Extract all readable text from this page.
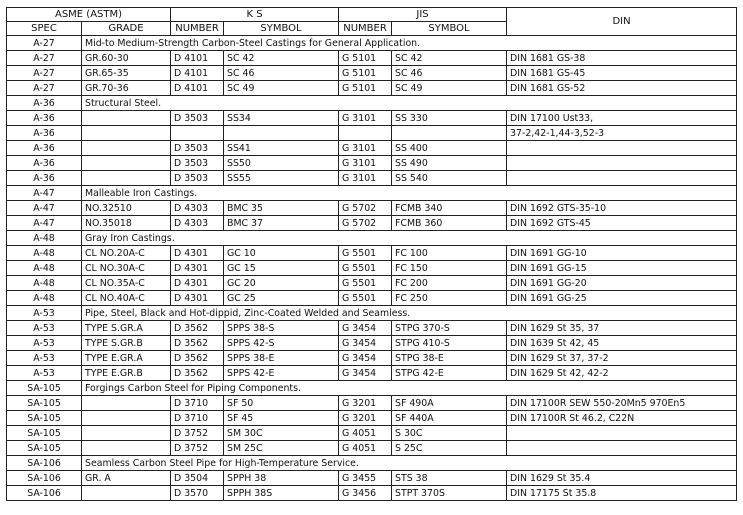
ASME (ASTM)		K S		JIS		DIN
SPEC	GRADE	NUMBER	SYMBOL	NUMBER	SYMBOL	
A-27	Mid-to Medium-Strength Carbon-Steel Castings for General Application.					
A-27	GR.60-30	D 4101	SC 42	G 5101	SC 42	DIN 1681 GS-38
A-27	GR.65-35	D 4101	SC 46	G 5101	SC 46	DIN 1681 GS-45
A-27	GR.70-36	D 4101	SC 49	G 5101	SC 49	DIN 1681 GS-52
A-36	Structural Steel.					
A-36		D 3503	SS34	G 3101	SS 330	DIN 17100 Ust33,
A-36						37-2,42-1,44-3,52-3
A-36		D 3503	SS41	G 3101	SS 400	
A-36		D 3503	SS50	G 3101	SS 490	
A-36		D 3503	SS55	G 3101	SS 540	
A-47	Malleable Iron Castings.					
A-47	NO.32510	D 4303	BMC 35	G 5702	FCMB 340	DIN 1692 GTS-35-10
A-47	NO.35018	D 4303	BMC 37	G 5702	FCMB 360	DIN 1692 GTS-45
A-48	Gray Iron Castings.					
A-48	CL NO.20A-C	D 4301	GC 10	G 5501	FC 100	DIN 1691 GG-10
A-48	CL NO.30A-C	D 4301	GC 15	G 5501	FC 150	DIN 1691 GG-15
A-48	CL NO.35A-C	D 4301	GC 20	G 5501	FC 200	DIN 1691 GG-20
A-48	CL NO.40A-C	D 4301	GC 25	G 5501	FC 250	DIN 1691 GG-25
A-53	Pipe, Steel, Black and Hot-dippid, Zinc-Coated Welded and Seamless.					
A-53	TYPE S.GR.A	D 3562	SPPS 38-S	G 3454	STPG 370-S	DIN 1629 St 35, 37
A-53	TYPE S.GR.B	D 3562	SPPS 42-S	G 3454	STPG 410-S	DIN 1639 St 42, 45
A-53	TYPE E.GR.A	D 3562	SPPS 38-E	G 3454	STPG 38-E	DIN 1629 St 37, 37-2
A-53	TYPE E.GR.B	D 3562	SPPS 42-E	G 3454	STPG 42-E	DIN 1629 St 42, 42-2
SA-105	Forgings Carbon Steel for Piping Components.					
SA-105		D 3710	SF 50	G 3201	SF 490A	DIN 17100R SEW 550-20Mn5 970En5
SA-105		D 3710	SF 45	G 3201	SF 440A	DIN 17100R St 46.2, C22N
SA-105		D 3752	SM 30C	G 4051	S 30C	
SA-105		D 3752	SM 25C	G 4051	S 25C	
SA-106	Seamless Carbon Steel Pipe for High-Temperature Service.					
SA-106	GR. A	D 3504	SPPH 38	G 3455	STS 38	DIN 1629 St 35.4
SA-106		D 3570	SPPH 38S	G 3456	STPT 370S	DIN 17175 St 35.8
